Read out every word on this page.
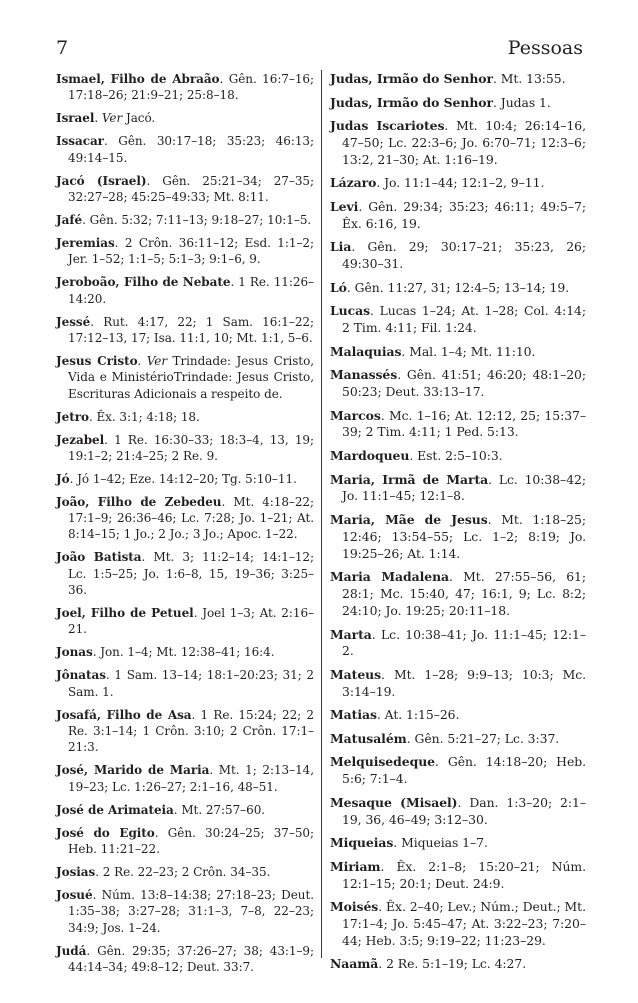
7	Pessoas

Ismael, Filho de Abraão. Gên. 16:7–16; 17:18–26; 21:9–21; 25:8–18.

Israel. Ver Jacó.

Issacar. Gên. 30:17–18; 35:23; 46:13; 49:14–15.

Jacó (Israel). Gên. 25:21–34; 27–35; 32:27–28; 45:25–49:33; Mt. 8:11.

Jafé. Gên. 5:32; 7:11–13; 9:18–27; 10:1–5.

Jeremias. 2 Crôn. 36:11–12; Esd. 1:1–2; Jer. 1–52; 1:1–5; 5:1–3; 9:1–6, 9.

Jeroboão, Filho de Nebate. 1 Re. 11:26–14:20.

Jessé. Rut. 4:17, 22; 1 Sam. 16:1–22; 17:12–13, 17; Isa. 11:1, 10; Mt. 1:1, 5–6.

Jesus Cristo. Ver Trindade: Jesus Cristo, Vida e MinistérioTrindade: Jesus Cristo, Escrituras Adicionais a respeito de.

Jetro. Êx. 3:1; 4:18; 18.

Jezabel. 1 Re. 16:30–33; 18:3–4, 13, 19; 19:1–2; 21:4–25; 2 Re. 9.

Jó. Jó 1–42; Eze. 14:12–20; Tg. 5:10–11.

João, Filho de Zebedeu. Mt. 4:18–22; 17:1–9; 26:36–46; Lc. 7:28; Jo. 1–21; At. 8:14–15; 1 Jo.; 2 Jo.; 3 Jo.; Apoc. 1–22.

João Batista. Mt. 3; 11:2–14; 14:1–12; Lc. 1:5–25; Jo. 1:6–8, 15, 19–36; 3:25–36.

Joel, Filho de Petuel. Joel 1–3; At. 2:16–21.

Jonas. Jon. 1–4; Mt. 12:38–41; 16:4.

Jônatas. 1 Sam. 13–14; 18:1–20:23; 31; 2 Sam. 1.

Josafá, Filho de Asa. 1 Re. 15:24; 22; 2 Re. 3:1–14; 1 Crôn. 3:10; 2 Crôn. 17:1–21:3.

José, Marido de Maria. Mt. 1; 2:13–14, 19–23; Lc. 1:26–27; 2:1–16, 48–51.

José de Arimateia. Mt. 27:57–60.

José do Egito. Gên. 30:24–25; 37–50; Heb. 11:21–22.

Josias. 2 Re. 22–23; 2 Crôn. 34–35.

Josué. Núm. 13:8–14:38; 27:18–23; Deut. 1:35–38; 3:27–28; 31:1–3, 7–8, 22–23; 34:9; Jos. 1–24.

Judá. Gên. 29:35; 37:26–27; 38; 43:1–9; 44:14–34; 49:8–12; Deut. 33:7.

Judas, Irmão do Senhor. Mt. 13:55.

Judas, Irmão do Senhor. Judas 1.

Judas Iscariotes. Mt. 10:4; 26:14–16, 47–50; Lc. 22:3–6; Jo. 6:70–71; 12:3–6; 13:2, 21–30; At. 1:16–19.

Lázaro. Jo. 11:1–44; 12:1–2, 9–11.

Levi. Gên. 29:34; 35:23; 46:11; 49:5–7; Êx. 6:16, 19.

Lia. Gên. 29; 30:17–21; 35:23, 26; 49:30–31.

Ló. Gên. 11:27, 31; 12:4–5; 13–14; 19.

Lucas. Lucas 1–24; At. 1–28; Col. 4:14; 2 Tim. 4:11; Fil. 1:24.

Malaquias. Mal. 1–4; Mt. 11:10.

Manassés. Gên. 41:51; 46:20; 48:1–20; 50:23; Deut. 33:13–17.

Marcos. Mc. 1–16; At. 12:12, 25; 15:37–39; 2 Tim. 4:11; 1 Ped. 5:13.

Mardoqueu. Est. 2:5–10:3.

Maria, Irmã de Marta. Lc. 10:38–42; Jo. 11:1–45; 12:1–8.

Maria, Mãe de Jesus. Mt. 1:18–25; 12:46; 13:54–55; Lc. 1–2; 8:19; Jo. 19:25–26; At. 1:14.

Maria Madalena. Mt. 27:55–56, 61; 28:1; Mc. 15:40, 47; 16:1, 9; Lc. 8:2; 24:10; Jo. 19:25; 20:11–18.

Marta. Lc. 10:38–41; Jo. 11:1–45; 12:1–2.

Mateus. Mt. 1–28; 9:9–13; 10:3; Mc. 3:14–19.

Matias. At. 1:15–26.

Matusalém. Gên. 5:21–27; Lc. 3:37.

Melquisedeque. Gên. 14:18–20; Heb. 5:6; 7:1–4.

Mesaque (Misael). Dan. 1:3–20; 2:1–19, 36, 46–49; 3:12–30.

Miqueias. Miqueias 1–7.

Miriam. Êx. 2:1–8; 15:20–21; Núm. 12:1–15; 20:1; Deut. 24:9.

Moisés. Êx. 2–40; Lev.; Núm.; Deut.; Mt. 17:1–4; Jo. 5:45–47; At. 3:22–23; 7:20–44; Heb. 3:5; 9:19–22; 11:23–29.

Naamã. 2 Re. 5:1–19; Lc. 4:27.
